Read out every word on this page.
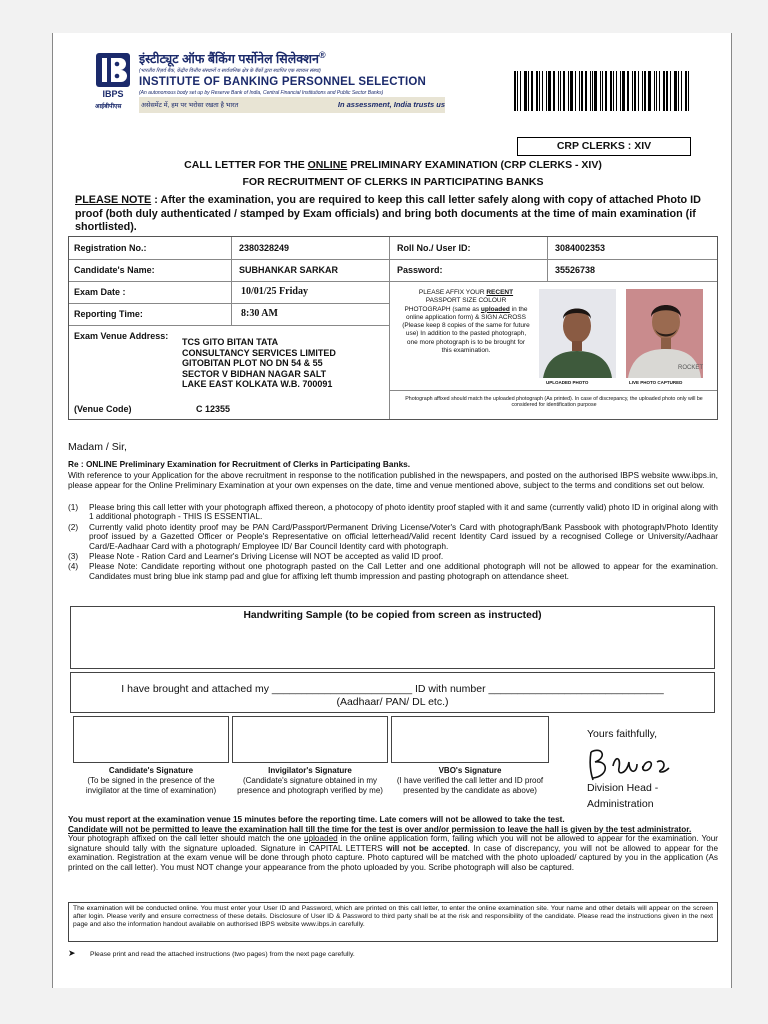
IBPS
आईबीपीएस
इंस्टीट्यूट ऑफ बैंकिंग पर्सोनेल सिलेक्शन®
(भारतीय रिज़र्व बैंक, केंद्रीय वित्तीय संस्थानों व सार्वजनिक क्षेत्र के बैंकों द्वारा स्थापित एक स्वायत्त संस्था)
INSTITUTE OF BANKING PERSONNEL SELECTION
(An autonomous body set up by Reserve Bank of India, Central Financial Institutions and Public Sector Banks)
असेसमेंट में, हम पर भरोसा रखता है भारत	In assessment, India trusts us
CRP CLERKS : XIV
CALL LETTER FOR THE ONLINE PRELIMINARY EXAMINATION (CRP CLERKS - XIV)
FOR RECRUITMENT OF CLERKS IN PARTICIPATING BANKS
PLEASE NOTE : After the examination, you are required to keep this call letter safely along with copy of attached Photo ID proof (both duly authenticated / stamped by Exam officials) and bring both documents at the time of main examination (if shortlisted).
Registration No.:	2380328249	Roll No./ User ID:	3084002353
Candidate's Name:	SUBHANKAR SARKAR	Password:	35526738
Exam Date :	10/01/25 Friday
Reporting Time:	8:30 AM
Exam Venue Address:
TCS GITO BITAN TATA
CONSULTANCY SERVICES LIMITED
GITOBITAN PLOT NO DN 54 & 55
SECTOR V BIDHAN NAGAR SALT
LAKE EAST KOLKATA W.B. 700091
(Venue Code)	C 12355
PLEASE AFFIX YOUR RECENT PASSPORT SIZE COLOUR PHOTOGRAPH (same as uploaded in the online application form) & SIGN ACROSS (Please keep 8 copies of the same for future use) In addition to the pasted photograph, one more photograph is to be brought for this examination.
ROCKET
UPLOADED PHOTO	LIVE PHOTO CAPTURED
Photograph affixed should match the uploaded photograph (As printed). In case of discrepancy, the uploaded photo only will be considered for identification purpose
Madam / Sir,
Re : ONLINE Preliminary Examination for Recruitment of Clerks in Participating Banks.
With reference to your Application for the above recruitment in response to the notification published in the newspapers, and posted on the authorised IBPS website www.ibps.in, please appear for the Online Preliminary Examination at your own expenses on the date, time and venue mentioned above, subject to the terms and conditions set out below.
(1) Please bring this call letter with your photograph affixed thereon, a photocopy of photo identity proof stapled with it and same (currently valid) photo ID in original along with 1 additional photograph - THIS IS ESSENTIAL.
(2) Currently valid photo identity proof may be PAN Card/Passport/Permanent Driving License/Voter's Card with photograph/Bank Passbook with photograph/Photo Identity proof issued by a Gazetted Officer or People's Representative on official letterhead/Valid recent Identity Card issued by a recognised College or University/Aadhaar Card/E-Aadhaar Card with a photograph/ Employee ID/ Bar Council Identity card with photograph.
(3) Please Note - Ration Card and Learner's Driving License will NOT be accepted as valid ID proof.
(4) Please Note: Candidate reporting without one photograph pasted on the Call Letter and one additional photograph will not be allowed to appear for the examination. Candidates must bring blue ink stamp pad and glue for affixing left thumb impression and pasting photograph on attendance sheet.
Handwriting Sample (to be copied from screen as instructed)
I have brought and attached my ________________________ ID with number ______________________________
(Aadhaar/ PAN/ DL etc.)
Candidate's Signature
(To be signed in the presence of the invigilator at the time of examination)
Invigilator's Signature
(Candidate's signature obtained in my presence and photograph verified by me)
VBO's Signature
(I have verified the call letter and ID proof presented by the candidate as above)
Yours faithfully,
Division Head -
Administration
You must report at the examination venue 15 minutes before the reporting time. Late comers will not be allowed to take the test.
Candidate will not be permitted to leave the examination hall till the time for the test is over and/or permission to leave the hall is given by the test administrator.
Your photograph affixed on the call letter should match the one uploaded in the online application form, failing which you will not be allowed to appear for the examination. Your signature should tally with the signature uploaded. Signature in CAPITAL LETTERS will not be accepted. In case of discrepancy, you will not be allowed to appear for the examination. Registration at the exam venue will be done through photo capture. Photo captured will be matched with the photo uploaded/ captured by you in the application (As printed on the call letter). You must NOT change your appearance from the photo uploaded by you. Scribe photograph will also be captured.
The examination will be conducted online. You must enter your User ID and Password, which are printed on this call letter, to enter the online examination site. Your name and other details will appear on the screen after login. Please verify and ensure correctness of these details. Disclosure of User ID & Password to third party shall be at the risk and responsibility of the candidate. Please read the instructions given in the next page and also the information handout available on authorised IBPS website www.ibps.in carefully.
➤ Please print and read the attached instructions (two pages) from the next page carefully.
